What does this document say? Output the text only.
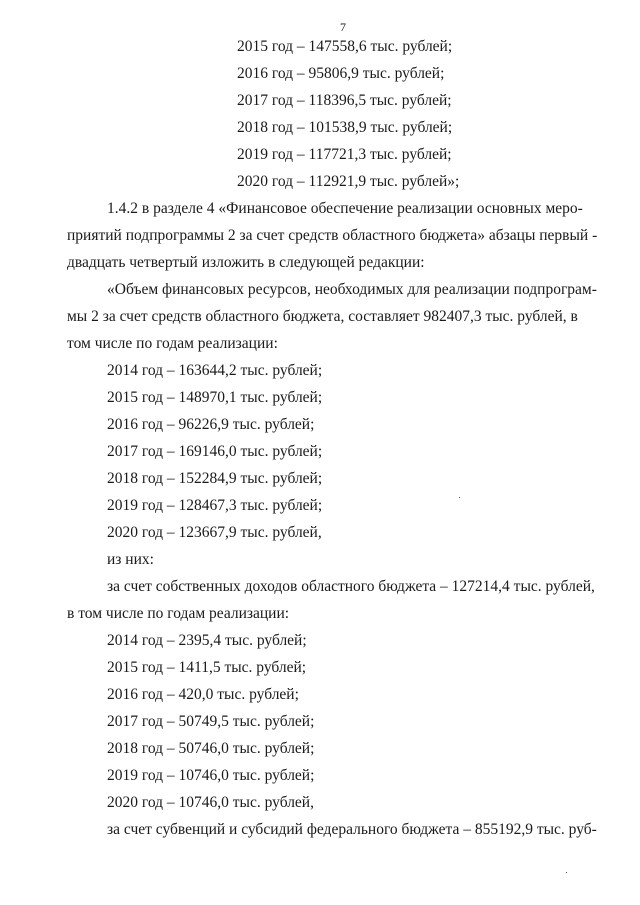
7
2015 год – 147558,6 тыс. рублей;
2016 год – 95806,9 тыс. рублей;
2017 год – 118396,5 тыс. рублей;
2018 год – 101538,9 тыс. рублей;
2019 год – 117721,3 тыс. рублей;
2020 год – 112921,9 тыс. рублей»;
1.4.2 в разделе 4 «Финансовое обеспечение реализации основных меро-
приятий подпрограммы 2 за счет средств областного бюджета» абзацы первый -
двадцать четвертый изложить в следующей редакции:
«Объем финансовых ресурсов, необходимых для реализации подпрограм-
мы 2 за счет средств областного бюджета, составляет 982407,3 тыс. рублей, в
том числе по годам реализации:
2014 год – 163644,2 тыс. рублей;
2015 год – 148970,1 тыс. рублей;
2016 год – 96226,9 тыс. рублей;
2017 год – 169146,0 тыс. рублей;
2018 год – 152284,9 тыс. рублей;
2019 год – 128467,3 тыс. рублей;
2020 год – 123667,9 тыс. рублей,
из них:
за счет собственных доходов областного бюджета – 127214,4 тыс. рублей,
в том числе по годам реализации:
2014 год – 2395,4 тыс. рублей;
2015 год – 1411,5 тыс. рублей;
2016 год – 420,0 тыс. рублей;
2017 год – 50749,5 тыс. рублей;
2018 год – 50746,0 тыс. рублей;
2019 год – 10746,0 тыс. рублей;
2020 год – 10746,0 тыс. рублей,
за счет субвенций и субсидий федерального бюджета – 855192,9 тыс. руб-
